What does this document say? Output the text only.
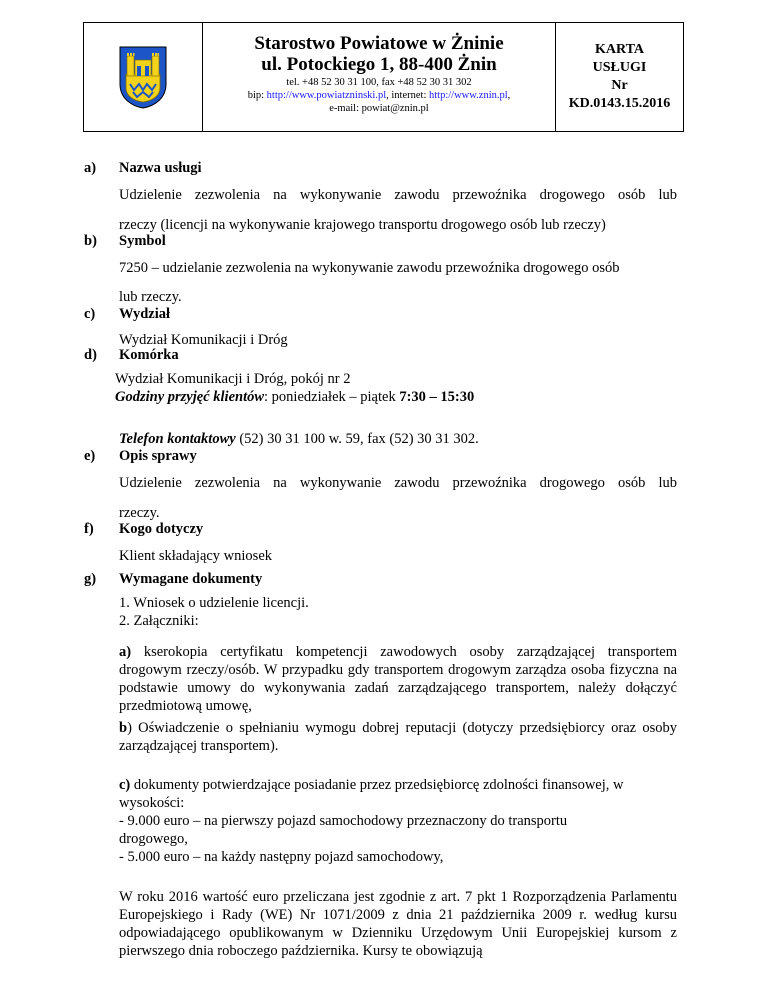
Starostwo Powiatowe w Żninie
ul. Potockiego 1, 88-400 Żnin
tel. +48 52 30 31 100, fax +48 52 30 31 302
bip: http://www.powiatzninski.pl, internet: http://www.znin.pl,
e-mail: powiat@znin.pl
KARTA
USŁUGI
Nr
KD.0143.15.2016
a) Nazwa usługi
Udzielenie zezwolenia na wykonywanie zawodu przewoźnika drogowego osób lub
rzeczy (licencji na wykonywanie krajowego transportu drogowego osób lub rzeczy)
b) Symbol
7250 – udzielanie zezwolenia na wykonywanie zawodu przewoźnika drogowego osób
lub rzeczy.
c) Wydział
Wydział Komunikacji i Dróg
d) Komórka
Wydział Komunikacji i Dróg, pokój nr 2
Godziny przyjęć klientów: poniedziałek – piątek 7:30 – 15:30
Telefon kontaktowy (52) 30 31 100 w. 59, fax (52) 30 31 302.
e) Opis sprawy
Udzielenie zezwolenia na wykonywanie zawodu przewoźnika drogowego osób lub
rzeczy.
f) Kogo dotyczy
Klient składający wniosek
g) Wymagane dokumenty
1. Wniosek o udzielenie licencji.
2. Załączniki:
a) kserokopia certyfikatu kompetencji zawodowych osoby zarządzającej transportem drogowym rzeczy/osób. W przypadku gdy transportem drogowym zarządza osoba fizyczna na podstawie umowy do wykonywania zadań zarządzającego transportem, należy dołączyć przedmiotową umowę,
b) Oświadczenie o spełnianiu wymogu dobrej reputacji (dotyczy przedsiębiorcy oraz osoby zarządzającej transportem).
c) dokumenty potwierdzające posiadanie przez przedsiębiorcę zdolności finansowej, w wysokości:
- 9.000 euro – na pierwszy pojazd samochodowy przeznaczony do transportu drogowego,
- 5.000 euro – na każdy następny pojazd samochodowy,
W roku 2016 wartość euro przeliczana jest zgodnie z art. 7 pkt 1 Rozporządzenia Parlamentu Europejskiego i Rady (WE) Nr 1071/2009 z dnia 21 października 2009 r. według kursu odpowiadającego opublikowanym w Dzienniku Urzędowym Unii Europejskiej kursom z pierwszego dnia roboczego października. Kursy te obowiązują
